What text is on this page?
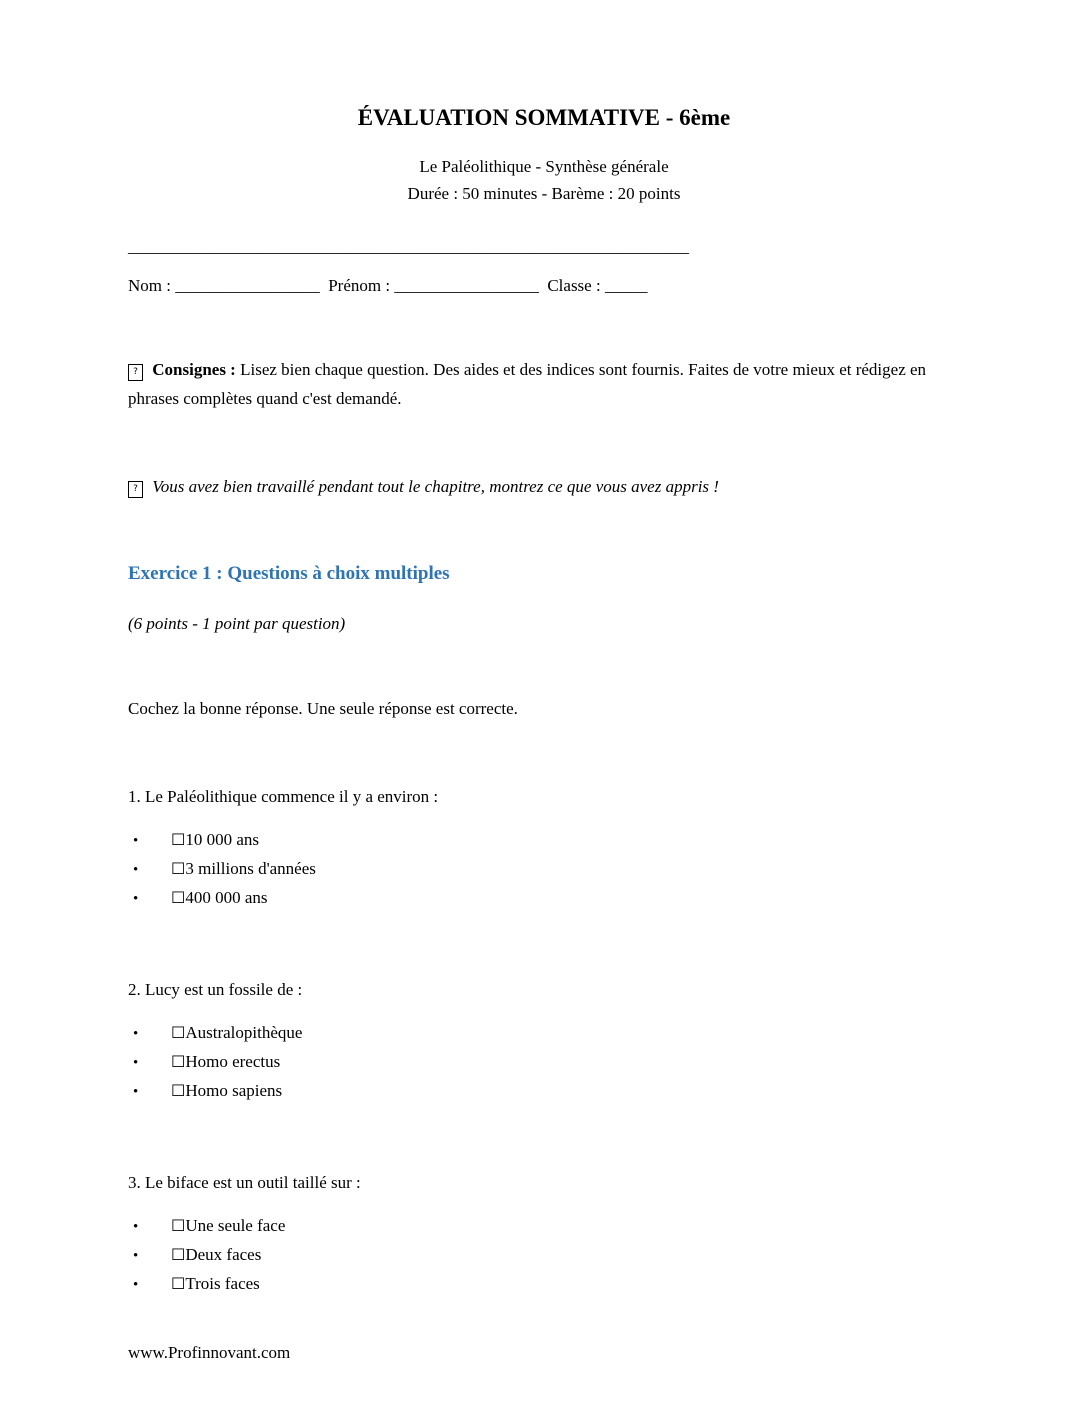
ÉVALUATION SOMMATIVE - 6ème

Le Paléolithique - Synthèse générale
Durée : 50 minutes - Barème : 20 points

__________________________________________________________________

Nom : _________________  Prénom : _________________  Classe : _____

? Consignes : Lisez bien chaque question. Des aides et des indices sont fournis. Faites de votre mieux et rédigez en phrases complètes quand c'est demandé.

? Vous avez bien travaillé pendant tout le chapitre, montrez ce que vous avez appris !

Exercice 1 : Questions à choix multiples

(6 points - 1 point par question)

Cochez la bonne réponse. Une seule réponse est correcte.

1. Le Paléolithique commence il y a environ :

•	☐10 000 ans
•	☐3 millions d'années
•	☐400 000 ans

2. Lucy est un fossile de :

•	☐Australopithèque
•	☐Homo erectus
•	☐Homo sapiens

3. Le biface est un outil taillé sur :

•	☐Une seule face
•	☐Deux faces
•	☐Trois faces

www.Profinnovant.com
